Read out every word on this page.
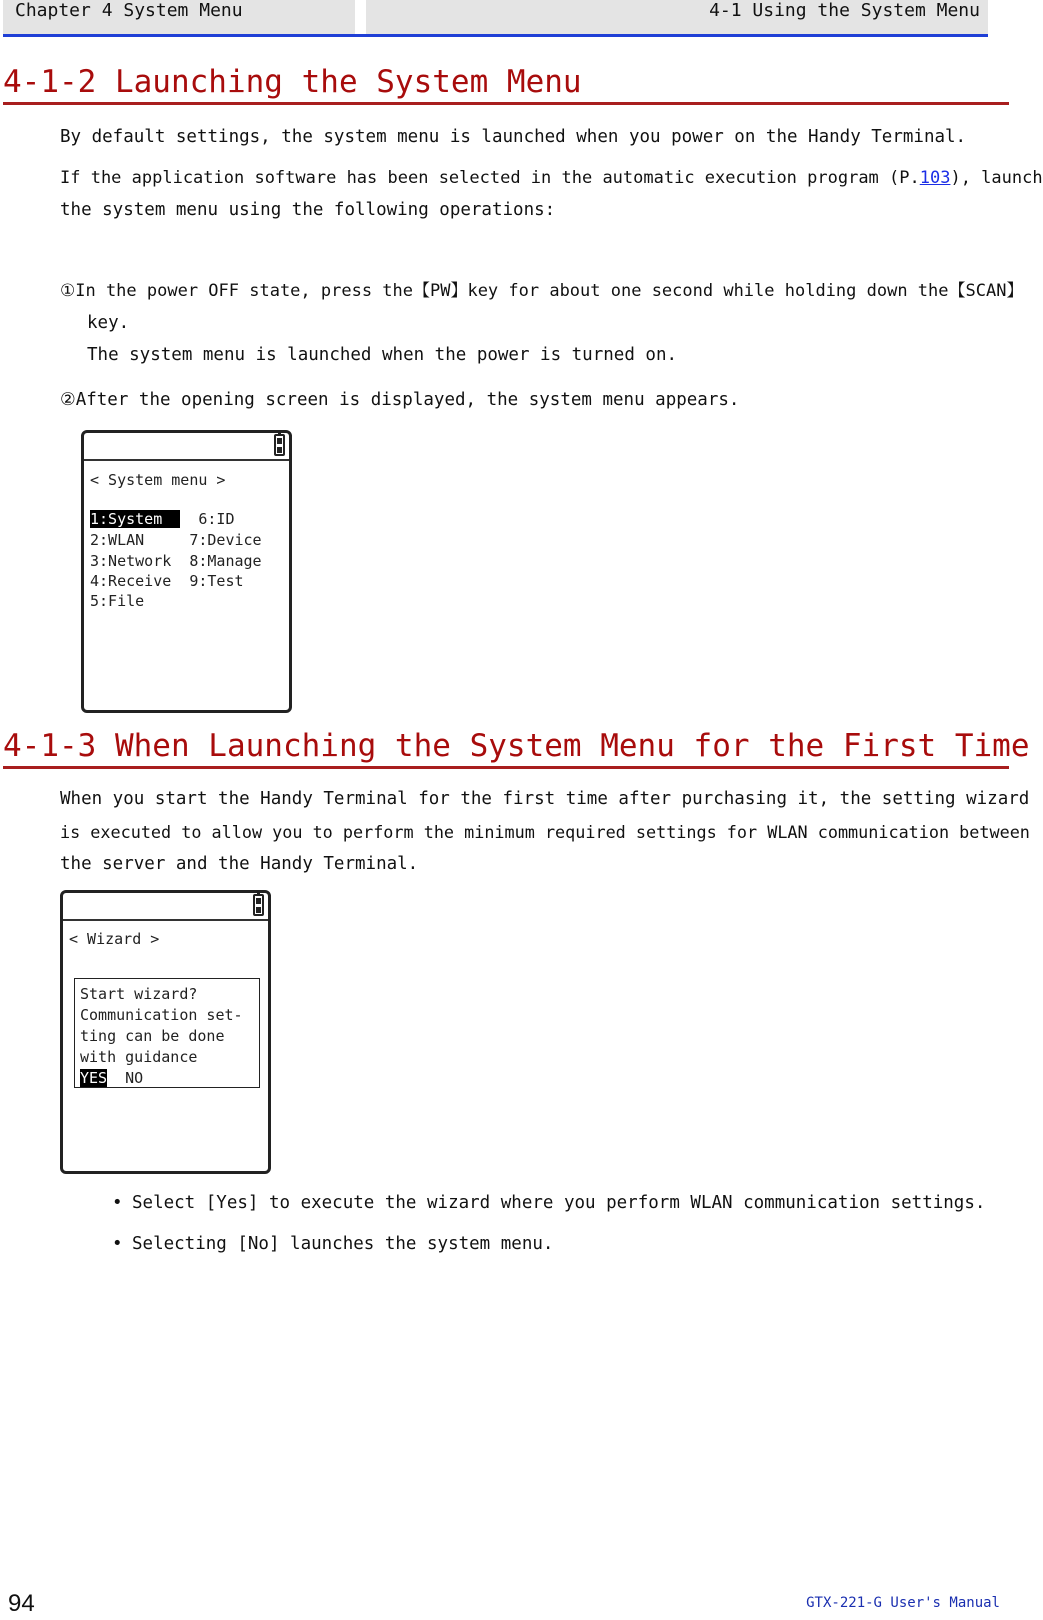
Chapter 4 System Menu	4-1 Using the System Menu
4-1-2 Launching the System Menu

By default settings, the system menu is launched when you power on the Handy Terminal.

If the application software has been selected in the automatic execution program (P.103), launch

the system menu using the following operations:

①In the power OFF state, press the【PW】key for about one second while holding down the【SCAN】

key.

The system menu is launched when the power is turned on.

②After the opening screen is displayed, the system menu appears.

< System menu >
1:System    6:ID
2:WLAN     7:Device
3:Network  8:Manage
4:Receive  9:Test
5:File
4-1-3 When Launching the System Menu for the First Time

When you start the Handy Terminal for the first time after purchasing it, the setting wizard

is executed to allow you to perform the minimum required settings for WLAN communication between

the server and the Handy Terminal.

< Wizard >
Start wizard?
Communication set-
ting can be done
with guidance
YES  NO
• Select [Yes] to execute the wizard where you perform WLAN communication settings.
• Selecting [No] launches the system menu.
94	GTX-221-G User's Manual
